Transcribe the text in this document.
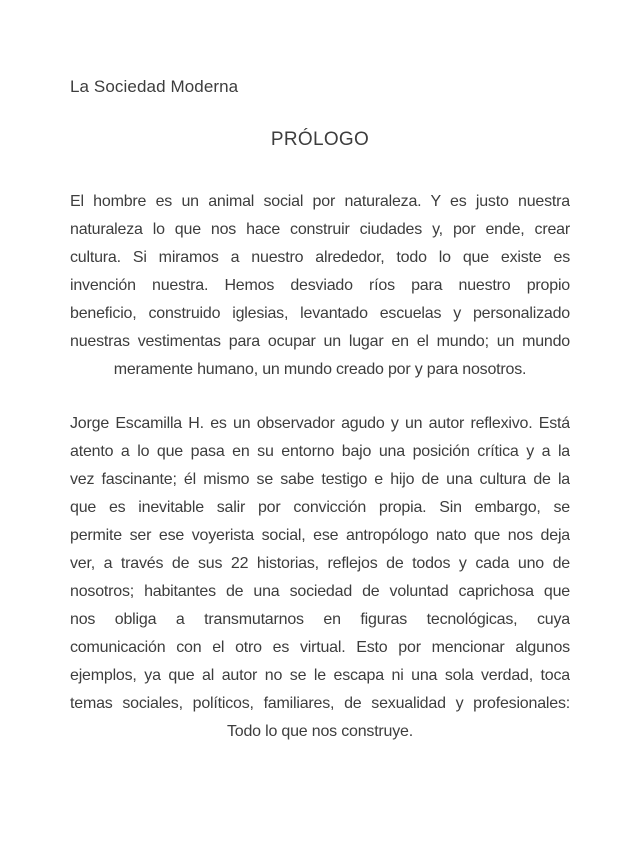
La Sociedad Moderna
PRÓLOGO
El hombre es un animal social por naturaleza. Y es justo nuestra
naturaleza lo que nos hace construir ciudades y, por ende, crear
cultura. Si miramos a nuestro alrededor, todo lo que existe es
invención nuestra. Hemos desviado ríos para nuestro propio
beneficio, construido iglesias, levantado escuelas y personalizado
nuestras vestimentas para ocupar un lugar en el mundo; un mundo
meramente humano, un mundo creado por y para nosotros.
Jorge Escamilla H. es un observador agudo y un autor reflexivo. Está
atento a lo que pasa en su entorno bajo una posición crítica y a la
vez fascinante; él mismo se sabe testigo e hijo de una cultura de la
que es inevitable salir por convicción propia. Sin embargo, se
permite ser ese voyerista social, ese antropólogo nato que nos deja
ver, a través de sus 22 historias, reflejos de todos y cada uno de
nosotros; habitantes de una sociedad de voluntad caprichosa que
nos obliga a transmutarnos en figuras tecnológicas, cuya
comunicación con el otro es virtual. Esto por mencionar algunos
ejemplos, ya que al autor no se le escapa ni una sola verdad, toca
temas sociales, políticos, familiares, de sexualidad y profesionales:
Todo lo que nos construye.
